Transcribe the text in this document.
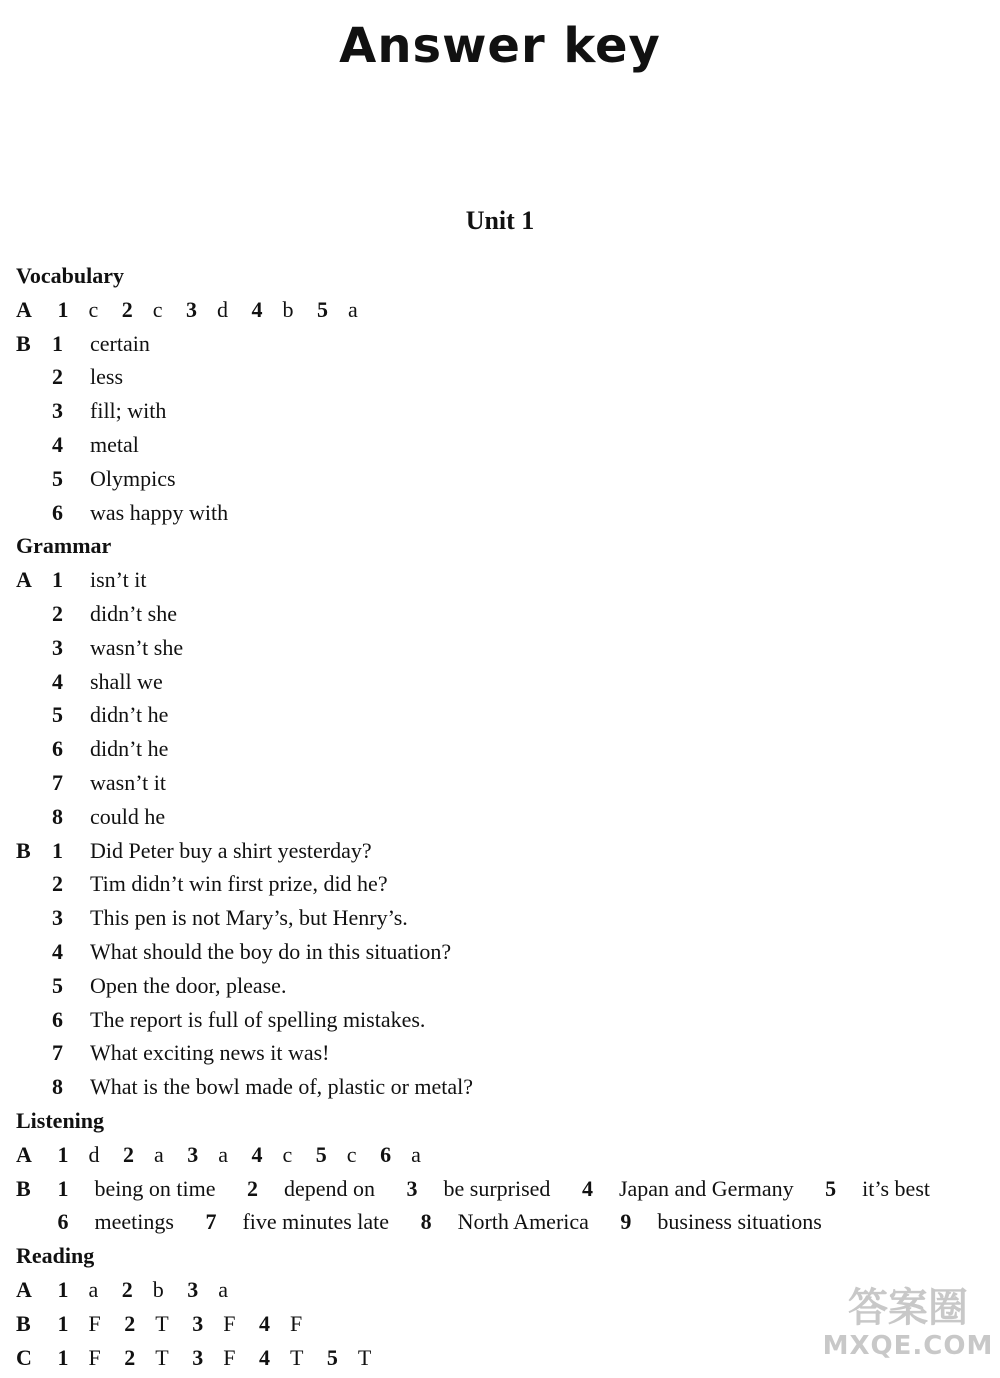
Answer key
Unit 1
Vocabulary
A 1 c 2 c 3 d 4 b 5 a
B 1 certain
2 less
3 fill; with
4 metal
5 Olympics
6 was happy with
Grammar
A 1 isn’t it
2 didn’t she
3 wasn’t she
4 shall we
5 didn’t he
6 didn’t he
7 wasn’t it
8 could he
B 1 Did Peter buy a shirt yesterday?
2 Tim didn’t win first prize, did he?
3 This pen is not Mary’s, but Henry’s.
4 What should the boy do in this situation?
5 Open the door, please.
6 The report is full of spelling mistakes.
7 What exciting news it was!
8 What is the bowl made of, plastic or metal?
Listening
A 1 d 2 a 3 a 4 c 5 c 6 a
B 1 being on time 2 depend on 3 be surprised 4 Japan and Germany 5 it’s best
6 meetings 7 five minutes late 8 North America 9 business situations
Reading
A 1 a 2 b 3 a
B 1 F 2 T 3 F 4 F
C 1 F 2 T 3 F 4 T 5 T
答案圈
MXQE.COM
